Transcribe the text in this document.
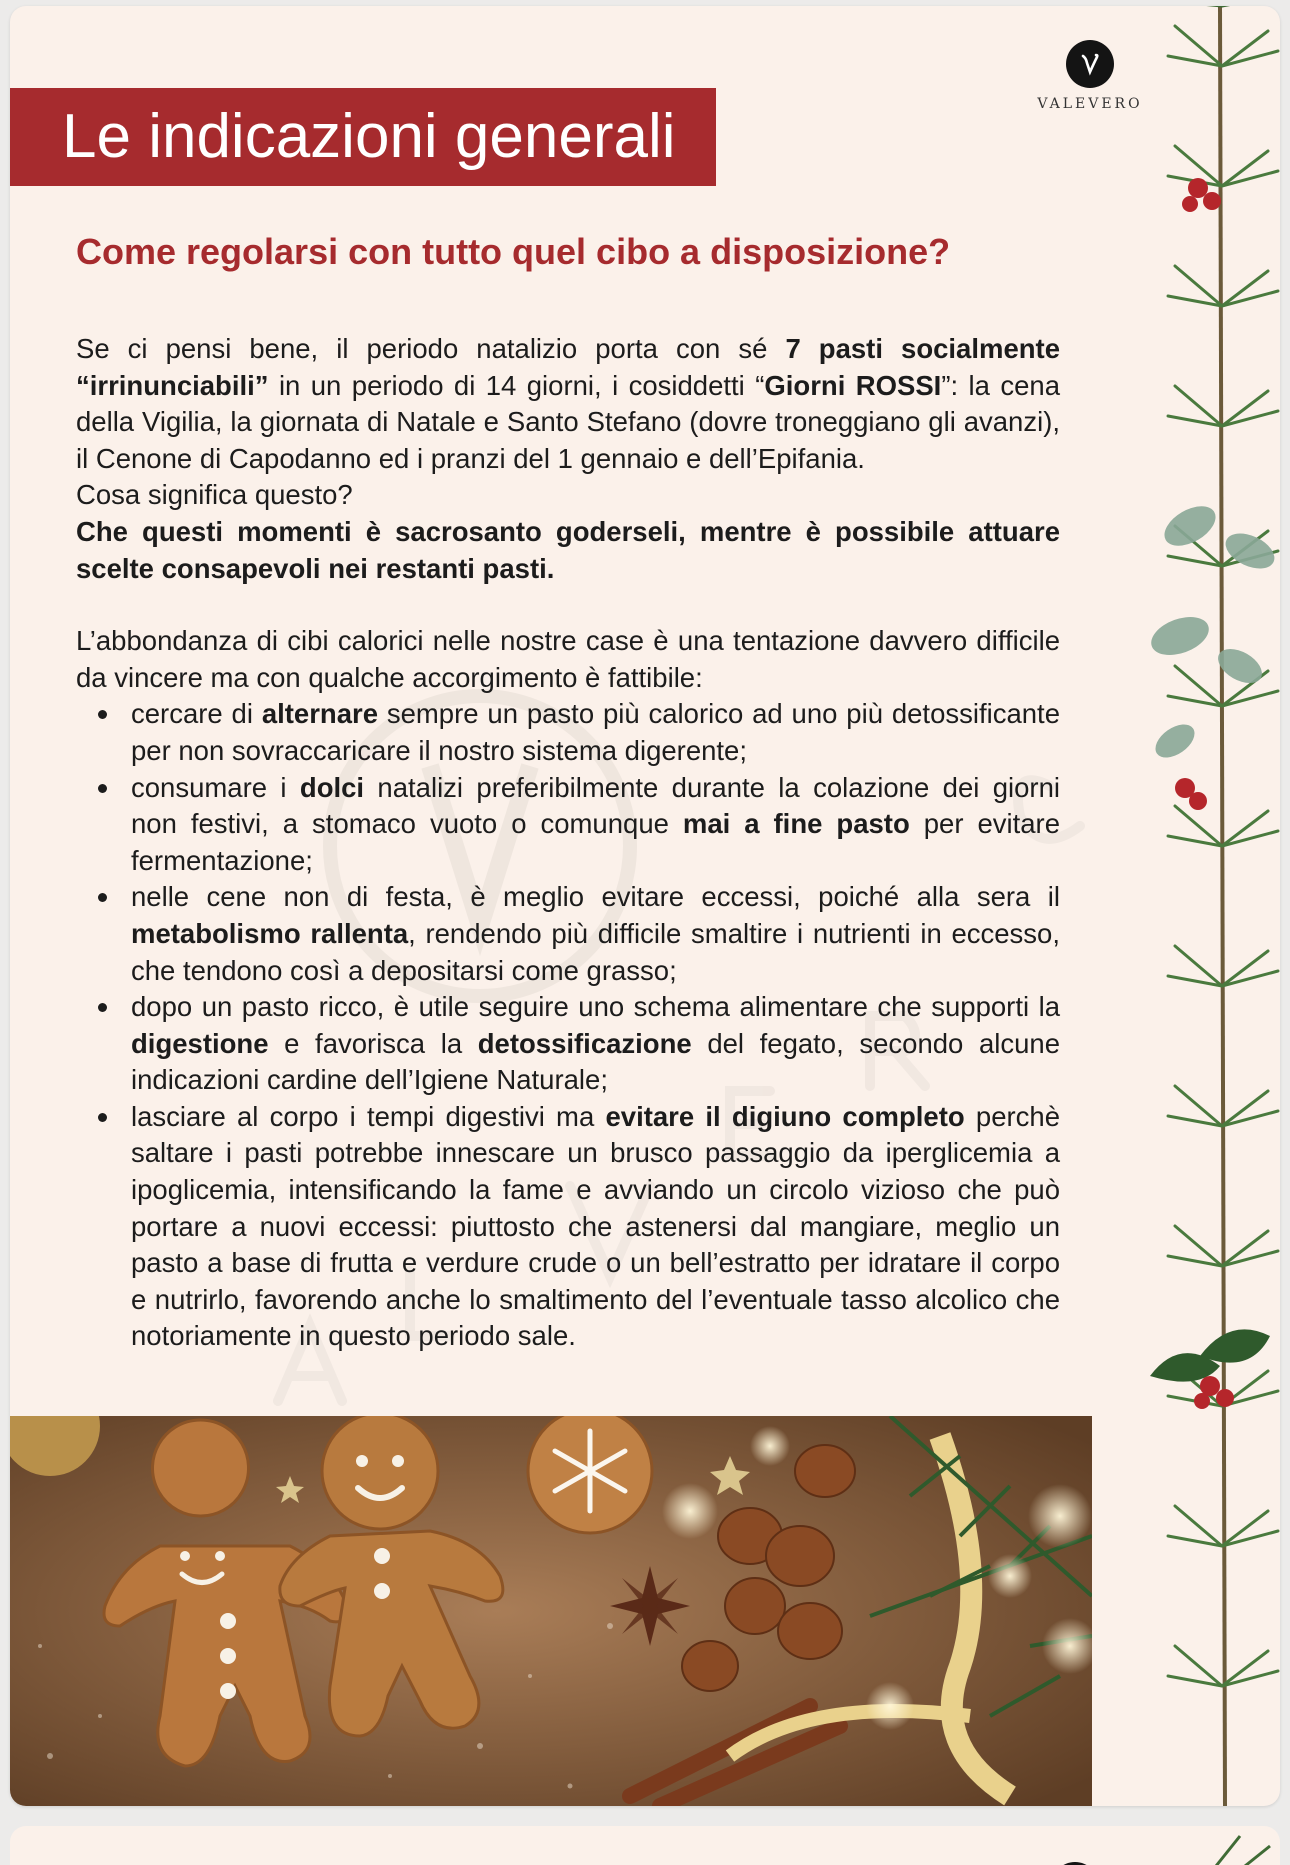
VALEVERO
Le indicazioni generali
Come regolarsi con tutto quel cibo a disposizione?

Se ci pensi bene, il periodo natalizio porta con sé 7 pasti socialmente “irrinunciabili” in un periodo di 14 giorni, i cosiddetti “Giorni ROSSI”: la cena della Vigilia, la giornata di Natale e Santo Stefano (dovre troneggiano gli avanzi), il Cenone di Capodanno ed i pranzi del 1 gennaio e dell’Epifania.

Cosa significa questo?

Che questi momenti è sacrosanto goderseli, mentre è possibile attuare scelte consapevoli nei restanti pasti.

L’abbondanza di cibi calorici nelle nostre case è una tentazione davvero difficile da vincere ma con qualche accorgimento è fattibile:

cercare di alternare sempre un pasto più calorico ad uno più detossificante per non sovraccaricare il nostro sistema digerente;
consumare i dolci natalizi preferibilmente durante la colazione dei giorni non festivi, a stomaco vuoto o comunque mai a fine pasto per evitare fermentazione;
nelle cene non di festa, è meglio evitare eccessi, poiché alla sera il metabolismo rallenta, rendendo più difficile smaltire i nutrienti in eccesso, che tendono così a depositarsi come grasso;
dopo un pasto ricco, è utile seguire uno schema alimentare che supporti la digestione e favorisca la detossificazione del fegato, secondo alcune indicazioni cardine dell’Igiene Naturale;
lasciare al corpo i tempi digestivi ma evitare il digiuno completo perchè saltare i pasti potrebbe innescare un brusco passaggio da iperglicemia a ipoglicemia, intensificando la fame e avviando un circolo vizioso che può portare a nuovi eccessi: piuttosto che astenersi dal mangiare, meglio un pasto a base di frutta e verdure crude o un bell’estratto per idratare il corpo e nutrirlo, favorendo anche lo smaltimento del l’eventuale tasso alcolico che notoriamente in questo periodo sale.
